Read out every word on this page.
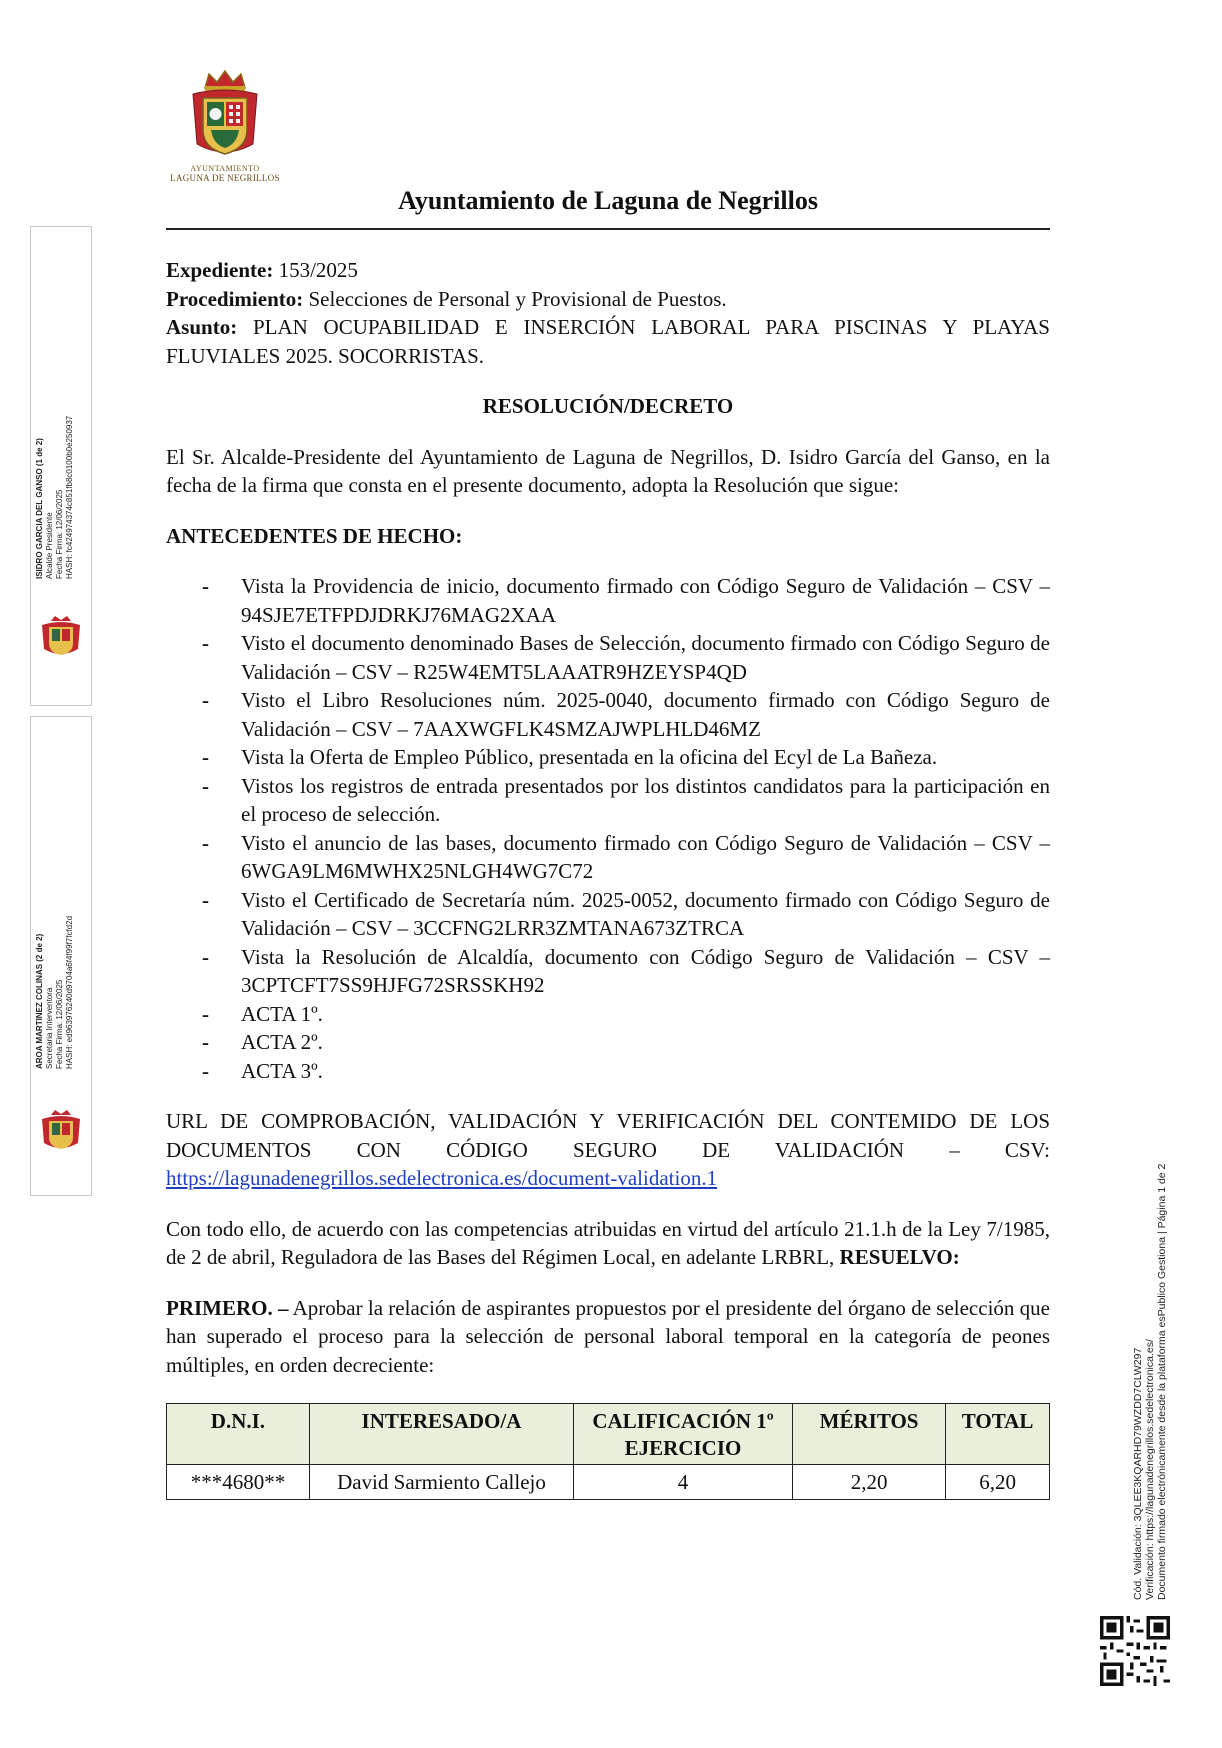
AYUNTAMIENTO
LAGUNA DE NEGRILLOS
Ayuntamiento de Laguna de Negrillos

Expediente: 153/2025

Procedimiento: Selecciones de Personal y Provisional de Puestos.

Asunto: PLAN OCUPABILIDAD E INSERCIÓN LABORAL PARA PISCINAS Y PLAYAS FLUVIALES 2025. SOCORRISTAS.

RESOLUCIÓN/DECRETO

El Sr. Alcalde-Presidente del Ayuntamiento de Laguna de Negrillos, D. Isidro García del Ganso, en la fecha de la firma que consta en el presente documento, adopta la Resolución que sigue:

ANTECEDENTES DE HECHO:

- Vista la Providencia de inicio, documento firmado con Código Seguro de Validación – CSV – 94SJE7ETFPDJDRKJ76MAG2XAA
- Visto el documento denominado Bases de Selección, documento firmado con Código Seguro de Validación – CSV – R25W4EMT5LAAATR9HZEYSP4QD
- Visto el Libro Resoluciones núm. 2025-0040, documento firmado con Código Seguro de Validación – CSV – 7AAXWGFLK4SMZAJWPLHLD46MZ
- Vista la Oferta de Empleo Público, presentada en la oficina del Ecyl de La Bañeza.
- Vistos los registros de entrada presentados por los distintos candidatos para la participación en el proceso de selección.
- Visto el anuncio de las bases, documento firmado con Código Seguro de Validación – CSV – 6WGA9LM6MWHX25NLGH4WG7C72
- Visto el Certificado de Secretaría núm. 2025-0052, documento firmado con Código Seguro de Validación – CSV – 3CCFNG2LRR3ZMTANA673ZTRCA
- Vista la Resolución de Alcaldía, documento con Código Seguro de Validación – CSV – 3CPTCFT7SS9HJFG72SRSSKH92
- ACTA 1º.
- ACTA 2º.
- ACTA 3º.

URL DE COMPROBACIÓN, VALIDACIÓN Y VERIFICACIÓN DEL CONTEMIDO DE LOS DOCUMENTOS CON CÓDIGO SEGURO DE VALIDACIÓN – CSV: https://lagunadenegrillos.sedelectronica.es/document-validation.1

Con todo ello, de acuerdo con las competencias atribuidas en virtud del artículo 21.1.h de la Ley 7/1985, de 2 de abril, Reguladora de las Bases del Régimen Local, en adelante LRBRL, RESUELVO:

PRIMERO. – Aprobar la relación de aspirantes propuestos por el presidente del órgano de selección que han superado el proceso para la selección de personal laboral temporal en la categoría de peones múltiples, en orden decreciente:

D.N.I.	INTERESADO/A	CALIFICACIÓN 1º EJERCICIO	MÉRITOS	TOTAL
***4680**	David Sarmiento Callejo	4	2,20	6,20
ISIDRO GARCIA DEL GANSO (1 de 2) Alcalde Presidente Fecha Firma: 12/06/2025 HASH: fc424974374c851fb8c0100b0e250937
AROA MARTINEZ COLINAS (2 de 2) Secretaria Interventora Fecha Firma: 12/06/2025 HASH: ed963976240d9704a6f4f99f7fcfd2d
Cód. Validación: 3QLEE3KQARHD79WZDD7CLW297 Verificación: https://lagunadenegrillos.sedelectronica.es/ Documento firmado electrónicamente desde la plataforma esPublico Gestiona | Página 1 de 2
